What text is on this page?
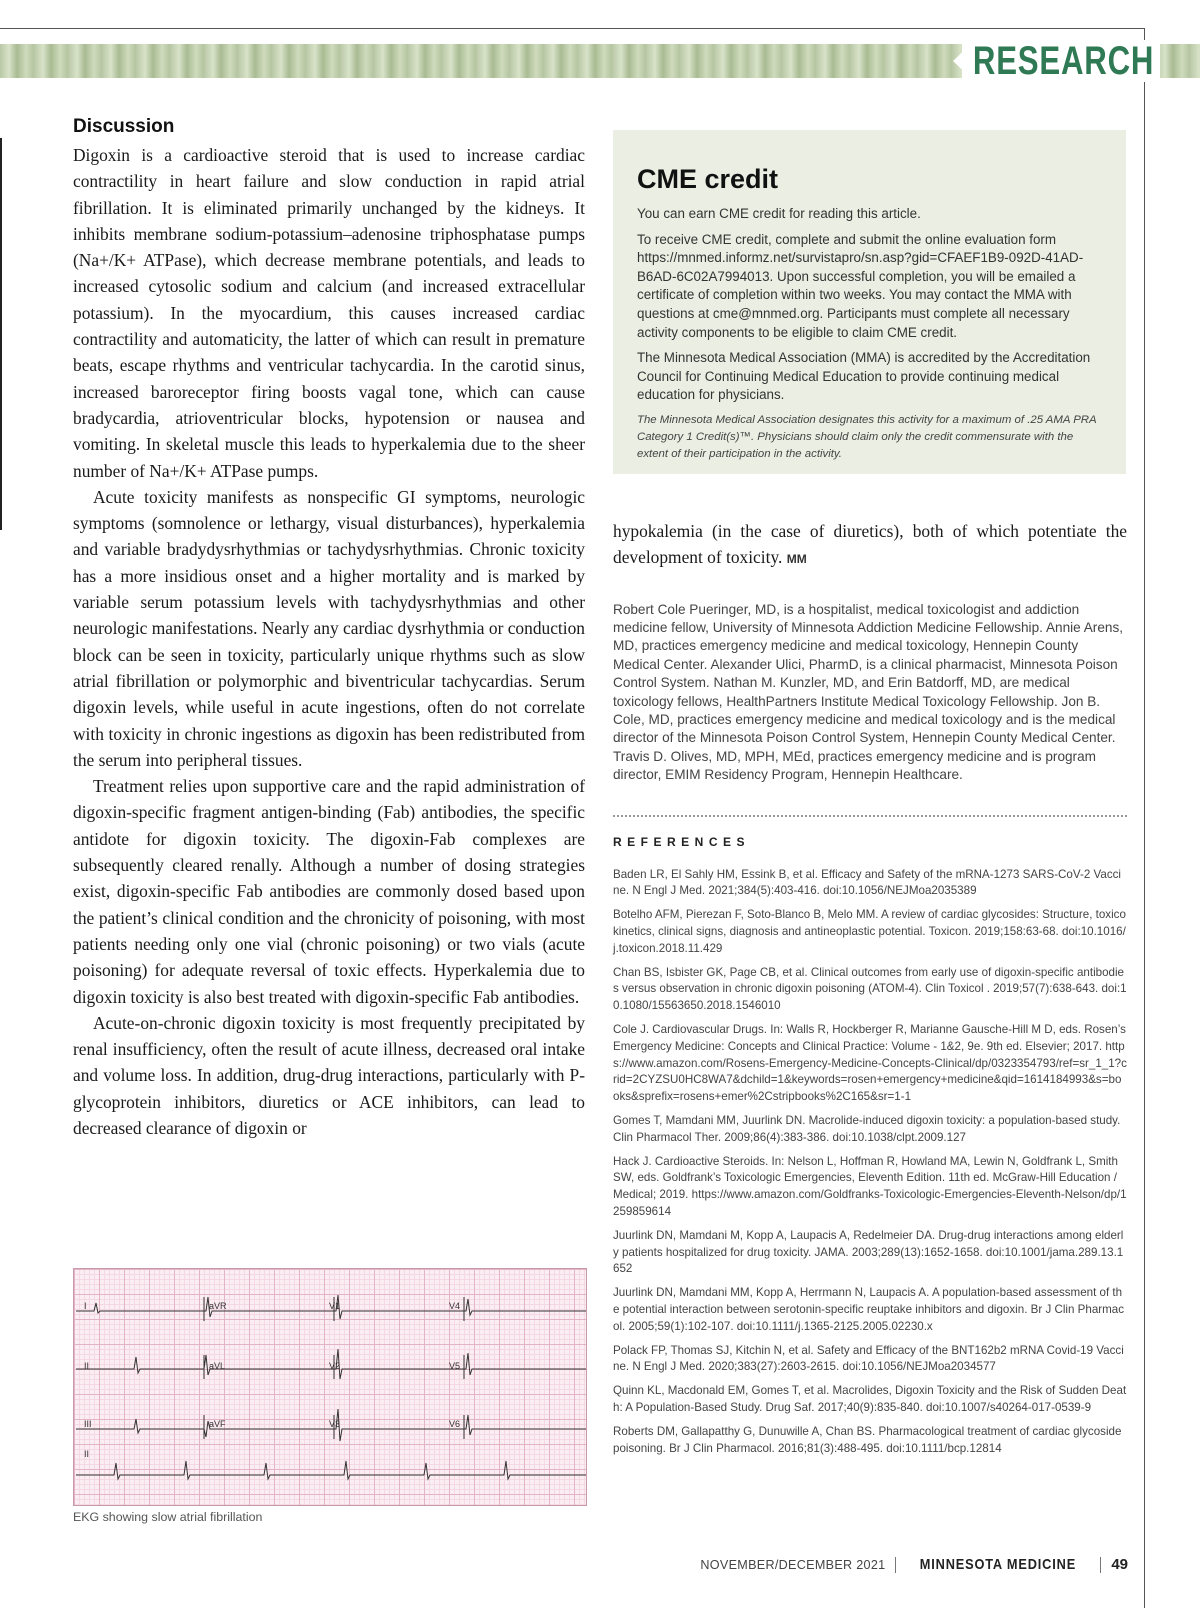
RESEARCH
Discussion

Digoxin is a cardioactive steroid that is used to increase cardiac contractility in heart failure and slow conduction in rapid atrial fibrillation. It is eliminated primarily unchanged by the kidneys. It inhibits membrane sodium-potassium–adenosine triphosphatase pumps (Na+/K+ ATPase), which decrease membrane potentials, and leads to increased cytosolic sodium and calcium (and increased extracellular potassium). In the myocardium, this causes increased cardiac contractility and automaticity, the latter of which can result in premature beats, escape rhythms and ventricular tachycardia. In the carotid sinus, increased baroreceptor firing boosts vagal tone, which can cause bradycardia, atrioventricular blocks, hypotension or nausea and vomiting. In skeletal muscle this leads to hyperkalemia due to the sheer number of Na+/K+ ATPase pumps.

Acute toxicity manifests as nonspecific GI symptoms, neurologic symptoms (somnolence or lethargy, visual disturbances), hyperkalemia and variable bradydysrhythmias or tachydysrhythmias. Chronic toxicity has a more insidious onset and a higher mortality and is marked by variable serum potassium levels with tachydysrhythmias and other neurologic manifestations. Nearly any cardiac dysrhythmia or conduction block can be seen in toxicity, particularly unique rhythms such as slow atrial fibrillation or polymorphic and biventricular tachycardias. Serum digoxin levels, while useful in acute ingestions, often do not correlate with toxicity in chronic ingestions as digoxin has been redistributed from the serum into peripheral tissues.

Treatment relies upon supportive care and the rapid administration of digoxin-specific fragment antigen-binding (Fab) antibodies, the specific antidote for digoxin toxicity. The digoxin-Fab complexes are subsequently cleared renally. Although a number of dosing strategies exist, digoxin-specific Fab antibodies are commonly dosed based upon the patient’s clinical condition and the chronicity of poisoning, with most patients needing only one vial (chronic poisoning) or two vials (acute poisoning) for adequate reversal of toxic effects. Hyperkalemia due to digoxin toxicity is also best treated with digoxin-specific Fab antibodies.

Acute-on-chronic digoxin toxicity is most frequently precipitated by renal insufficiency, often the result of acute illness, decreased oral intake and volume loss. In addition, drug-drug interactions, particularly with P-glycoprotein inhibitors, diuretics or ACE inhibitors, can lead to decreased clearance of digoxin or

CME credit

You can earn CME credit for reading this article.

To receive CME credit, complete and submit the online evaluation form https://mnmed.informz.net/survistapro/sn.asp?gid=CFAEF1B9-092D-41AD-B6AD-6C02A7994013. Upon successful completion, you will be emailed a certificate of completion within two weeks. You may contact the MMA with questions at cme@mnmed.org. Participants must complete all necessary activity components to be eligible to claim CME credit.

The Minnesota Medical Association (MMA) is accredited by the Accreditation Council for Continuing Medical Education to provide continuing medical education for physicians.

The Minnesota Medical Association designates this activity for a maximum of .25 AMA PRA Category 1 Credit(s)™. Physicians should claim only the credit commensurate with the extent of their participation in the activity.

hypokalemia (in the case of diuretics), both of which potentiate the development of toxicity. MM

Robert Cole Pueringer, MD, is a hospitalist, medical toxicologist and addiction medicine fellow, University of Minnesota Addiction Medicine Fellowship. Annie Arens, MD, practices emergency medicine and medical toxicology, Hennepin County Medical Center. Alexander Ulici, PharmD, is a clinical pharmacist, Minnesota Poison Control System. Nathan M. Kunzler, MD, and Erin Batdorff, MD, are medical toxicology fellows, HealthPartners Institute Medical Toxicology Fellowship. Jon B. Cole, MD, practices emergency medicine and medical toxicology and is the medical director of the Minnesota Poison Control System, Hennepin County Medical Center. Travis D. Olives, MD, MPH, MEd, practices emergency medicine and is program director, EMIM Residency Program, Hennepin Healthcare.

REFERENCES

Baden LR, El Sahly HM, Essink B, et al. Efficacy and Safety of the mRNA-1273 SARS-CoV-2 Vaccine. N Engl J Med. 2021;384(5):403-416. doi:10.1056/NEJMoa2035389

Botelho AFM, Pierezan F, Soto-Blanco B, Melo MM. A review of cardiac glycosides: Structure, toxicokinetics, clinical signs, diagnosis and antineoplastic potential. Toxicon. 2019;158:63-68. doi:10.1016/j.toxicon.2018.11.429

Chan BS, Isbister GK, Page CB, et al. Clinical outcomes from early use of digoxin-specific antibodies versus observation in chronic digoxin poisoning (ATOM-4). Clin Toxicol . 2019;57(7):638-643. doi:10.1080/15563650.2018.1546010

Cole J. Cardiovascular Drugs. In: Walls R, Hockberger R, Marianne Gausche-Hill M D, eds. Rosen’s Emergency Medicine: Concepts and Clinical Practice: Volume - 1&2, 9e. 9th ed. Elsevier; 2017. https://www.amazon.com/Rosens-Emergency-Medicine-Concepts-Clinical/dp/0323354793/ref=sr_1_1?crid=2CYZSU0HC8WA7&dchild=1&keywords=rosen+emergency+medicine&qid=1614184993&s=books&sprefix=rosens+emer%2Cstripbooks%2C165&sr=1-1

Gomes T, Mamdani MM, Juurlink DN. Macrolide-induced digoxin toxicity: a population-based study. Clin Pharmacol Ther. 2009;86(4):383-386. doi:10.1038/clpt.2009.127

Hack J. Cardioactive Steroids. In: Nelson L, Hoffman R, Howland MA, Lewin N, Goldfrank L, Smith SW, eds. Goldfrank’s Toxicologic Emergencies, Eleventh Edition. 11th ed. McGraw-Hill Education / Medical; 2019. https://www.amazon.com/Goldfranks-Toxicologic-Emergencies-Eleventh-Nelson/dp/1259859614

Juurlink DN, Mamdani M, Kopp A, Laupacis A, Redelmeier DA. Drug-drug interactions among elderly patients hospitalized for drug toxicity. JAMA. 2003;289(13):1652-1658. doi:10.1001/jama.289.13.1652

Juurlink DN, Mamdani MM, Kopp A, Herrmann N, Laupacis A. A population-based assessment of the potential interaction between serotonin-specific reuptake inhibitors and digoxin. Br J Clin Pharmacol. 2005;59(1):102-107. doi:10.1111/j.1365-2125.2005.02230.x

Polack FP, Thomas SJ, Kitchin N, et al. Safety and Efficacy of the BNT162b2 mRNA Covid-19 Vaccine. N Engl J Med. 2020;383(27):2603-2615. doi:10.1056/NEJMoa2034577

Quinn KL, Macdonald EM, Gomes T, et al. Macrolides, Digoxin Toxicity and the Risk of Sudden Death: A Population-Based Study. Drug Saf. 2017;40(9):835-840. doi:10.1007/s40264-017-0539-9

Roberts DM, Gallapatthy G, Dunuwille A, Chan BS. Pharmacological treatment of cardiac glycoside poisoning. Br J Clin Pharmacol. 2016;81(3):488-495. doi:10.1111/bcp.12814

I	aVR	V1	V4
II	aVL	V2	V5
III	aVF	V3	V6
II
EKG showing slow atrial fibrillation
NOVEMBER/DECEMBER 2021 MINNESOTA MEDICINE 49
